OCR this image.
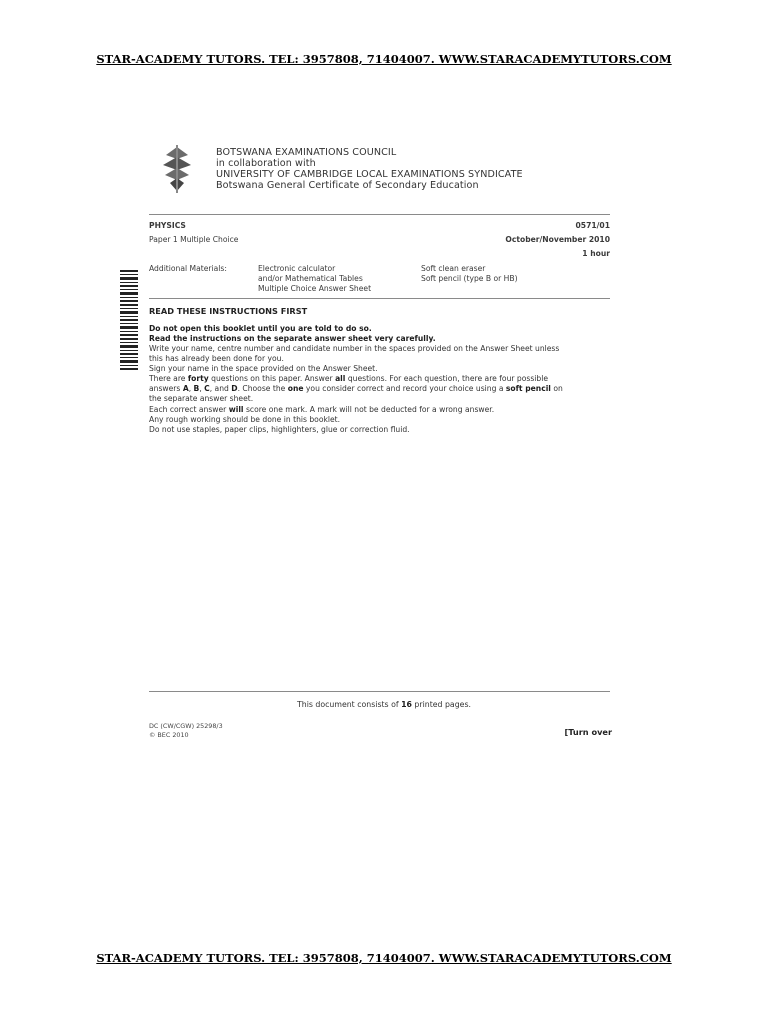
STAR-ACADEMY TUTORS. TEL: 3957808, 71404007. WWW.STARACADEMYTUTORS.COM
BOTSWANA EXAMINATIONS COUNCIL
in collaboration with
UNIVERSITY OF CAMBRIDGE LOCAL EXAMINATIONS SYNDICATE
Botswana General Certificate of Secondary Education
PHYSICS	0571/01
Paper 1 Multiple Choice	October/November 2010
1 hour
Additional Materials:	Electronic calculator
and/or Mathematical Tables
Multiple Choice Answer Sheet
Soft clean eraser
Soft pencil (type B or HB)
READ THESE INSTRUCTIONS FIRST
Do not open this booklet until you are told to do so.
Read the instructions on the separate answer sheet very carefully.
Write your name, centre number and candidate number in the spaces provided on the Answer Sheet unless
this has already been done for you.
Sign your name in the space provided on the Answer Sheet.
There are forty questions on this paper. Answer all questions. For each question, there are four possible
answers A, B, C, and D. Choose the one you consider correct and record your choice using a soft pencil on
the separate answer sheet.
Each correct answer will score one mark. A mark will not be deducted for a wrong answer.
Any rough working should be done in this booklet.
Do not use staples, paper clips, highlighters, glue or correction fluid.
This document consists of 16 printed pages.
DC (CW/CGW) 25298/3
© BEC 2010	[Turn over
STAR-ACADEMY TUTORS. TEL: 3957808, 71404007. WWW.STARACADEMYTUTORS.COM
